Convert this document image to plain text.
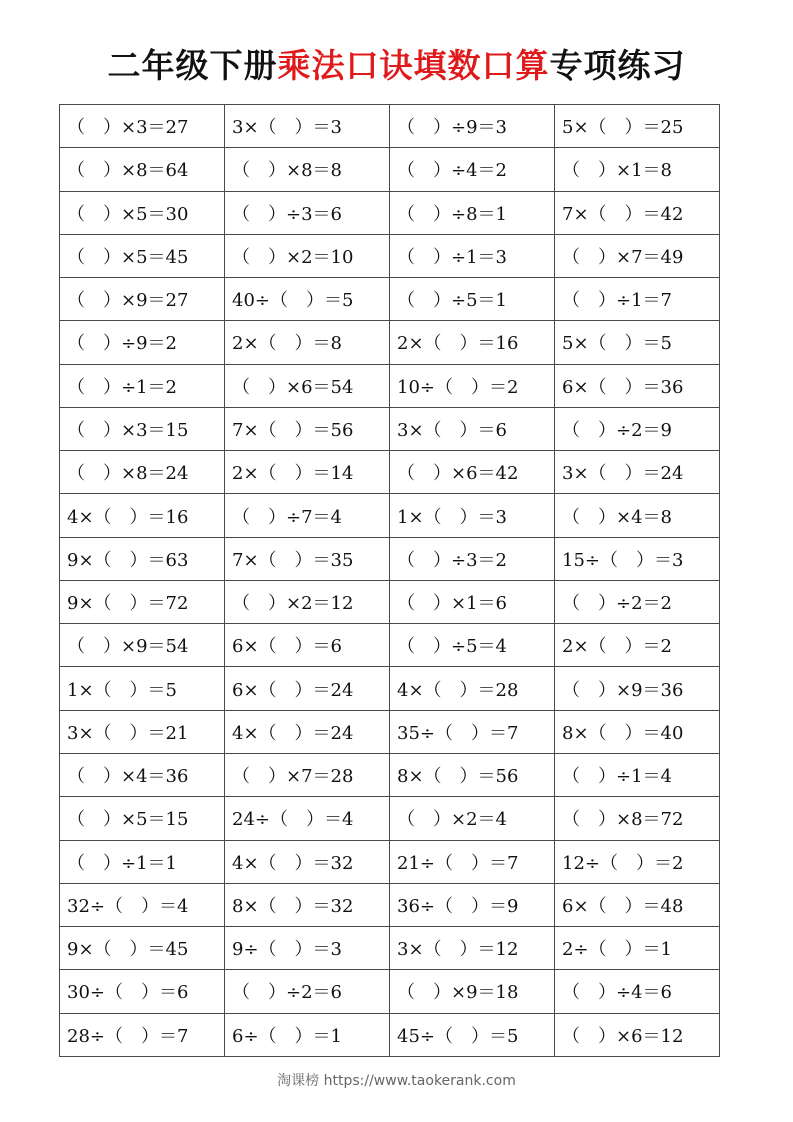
二年级下册乘法口诀填数口算专项练习
（　）×3＝27	3×（　）＝3	（　）÷9＝3	5×（　）＝25
（　）×8＝64	（　）×8＝8	（　）÷4＝2	（　）×1＝8
（　）×5＝30	（　）÷3＝6	（　）÷8＝1	7×（　）＝42
（　）×5＝45	（　）×2＝10	（　）÷1＝3	（　）×7＝49
（　）×9＝27	40÷（　）＝5	（　）÷5＝1	（　）÷1＝7
（　）÷9＝2	2×（　）＝8	2×（　）＝16	5×（　）＝5
（　）÷1＝2	（　）×6＝54	10÷（　）＝2	6×（　）＝36
（　）×3＝15	7×（　）＝56	3×（　）＝6	（　）÷2＝9
（　）×8＝24	2×（　）＝14	（　）×6＝42	3×（　）＝24
4×（　）＝16	（　）÷7＝4	1×（　）＝3	（　）×4＝8
9×（　）＝63	7×（　）＝35	（　）÷3＝2	15÷（　）＝3
9×（　）＝72	（　）×2＝12	（　）×1＝6	（　）÷2＝2
（　）×9＝54	6×（　）＝6	（　）÷5＝4	2×（　）＝2
1×（　）＝5	6×（　）＝24	4×（　）＝28	（　）×9＝36
3×（　）＝21	4×（　）＝24	35÷（　）＝7	8×（　）＝40
（　）×4＝36	（　）×7＝28	8×（　）＝56	（　）÷1＝4
（　）×5＝15	24÷（　）＝4	（　）×2＝4	（　）×8＝72
（　）÷1＝1	4×（　）＝32	21÷（　）＝7	12÷（　）＝2
32÷（　）＝4	8×（　）＝32	36÷（　）＝9	6×（　）＝48
9×（　）＝45	9÷（　）＝3	3×（　）＝12	2÷（　）＝1
30÷（　）＝6	（　）÷2＝6	（　）×9＝18	（　）÷4＝6
28÷（　）＝7	6÷（　）＝1	45÷（　）＝5	（　）×6＝12
淘课榜 https://www.taokerank.com
